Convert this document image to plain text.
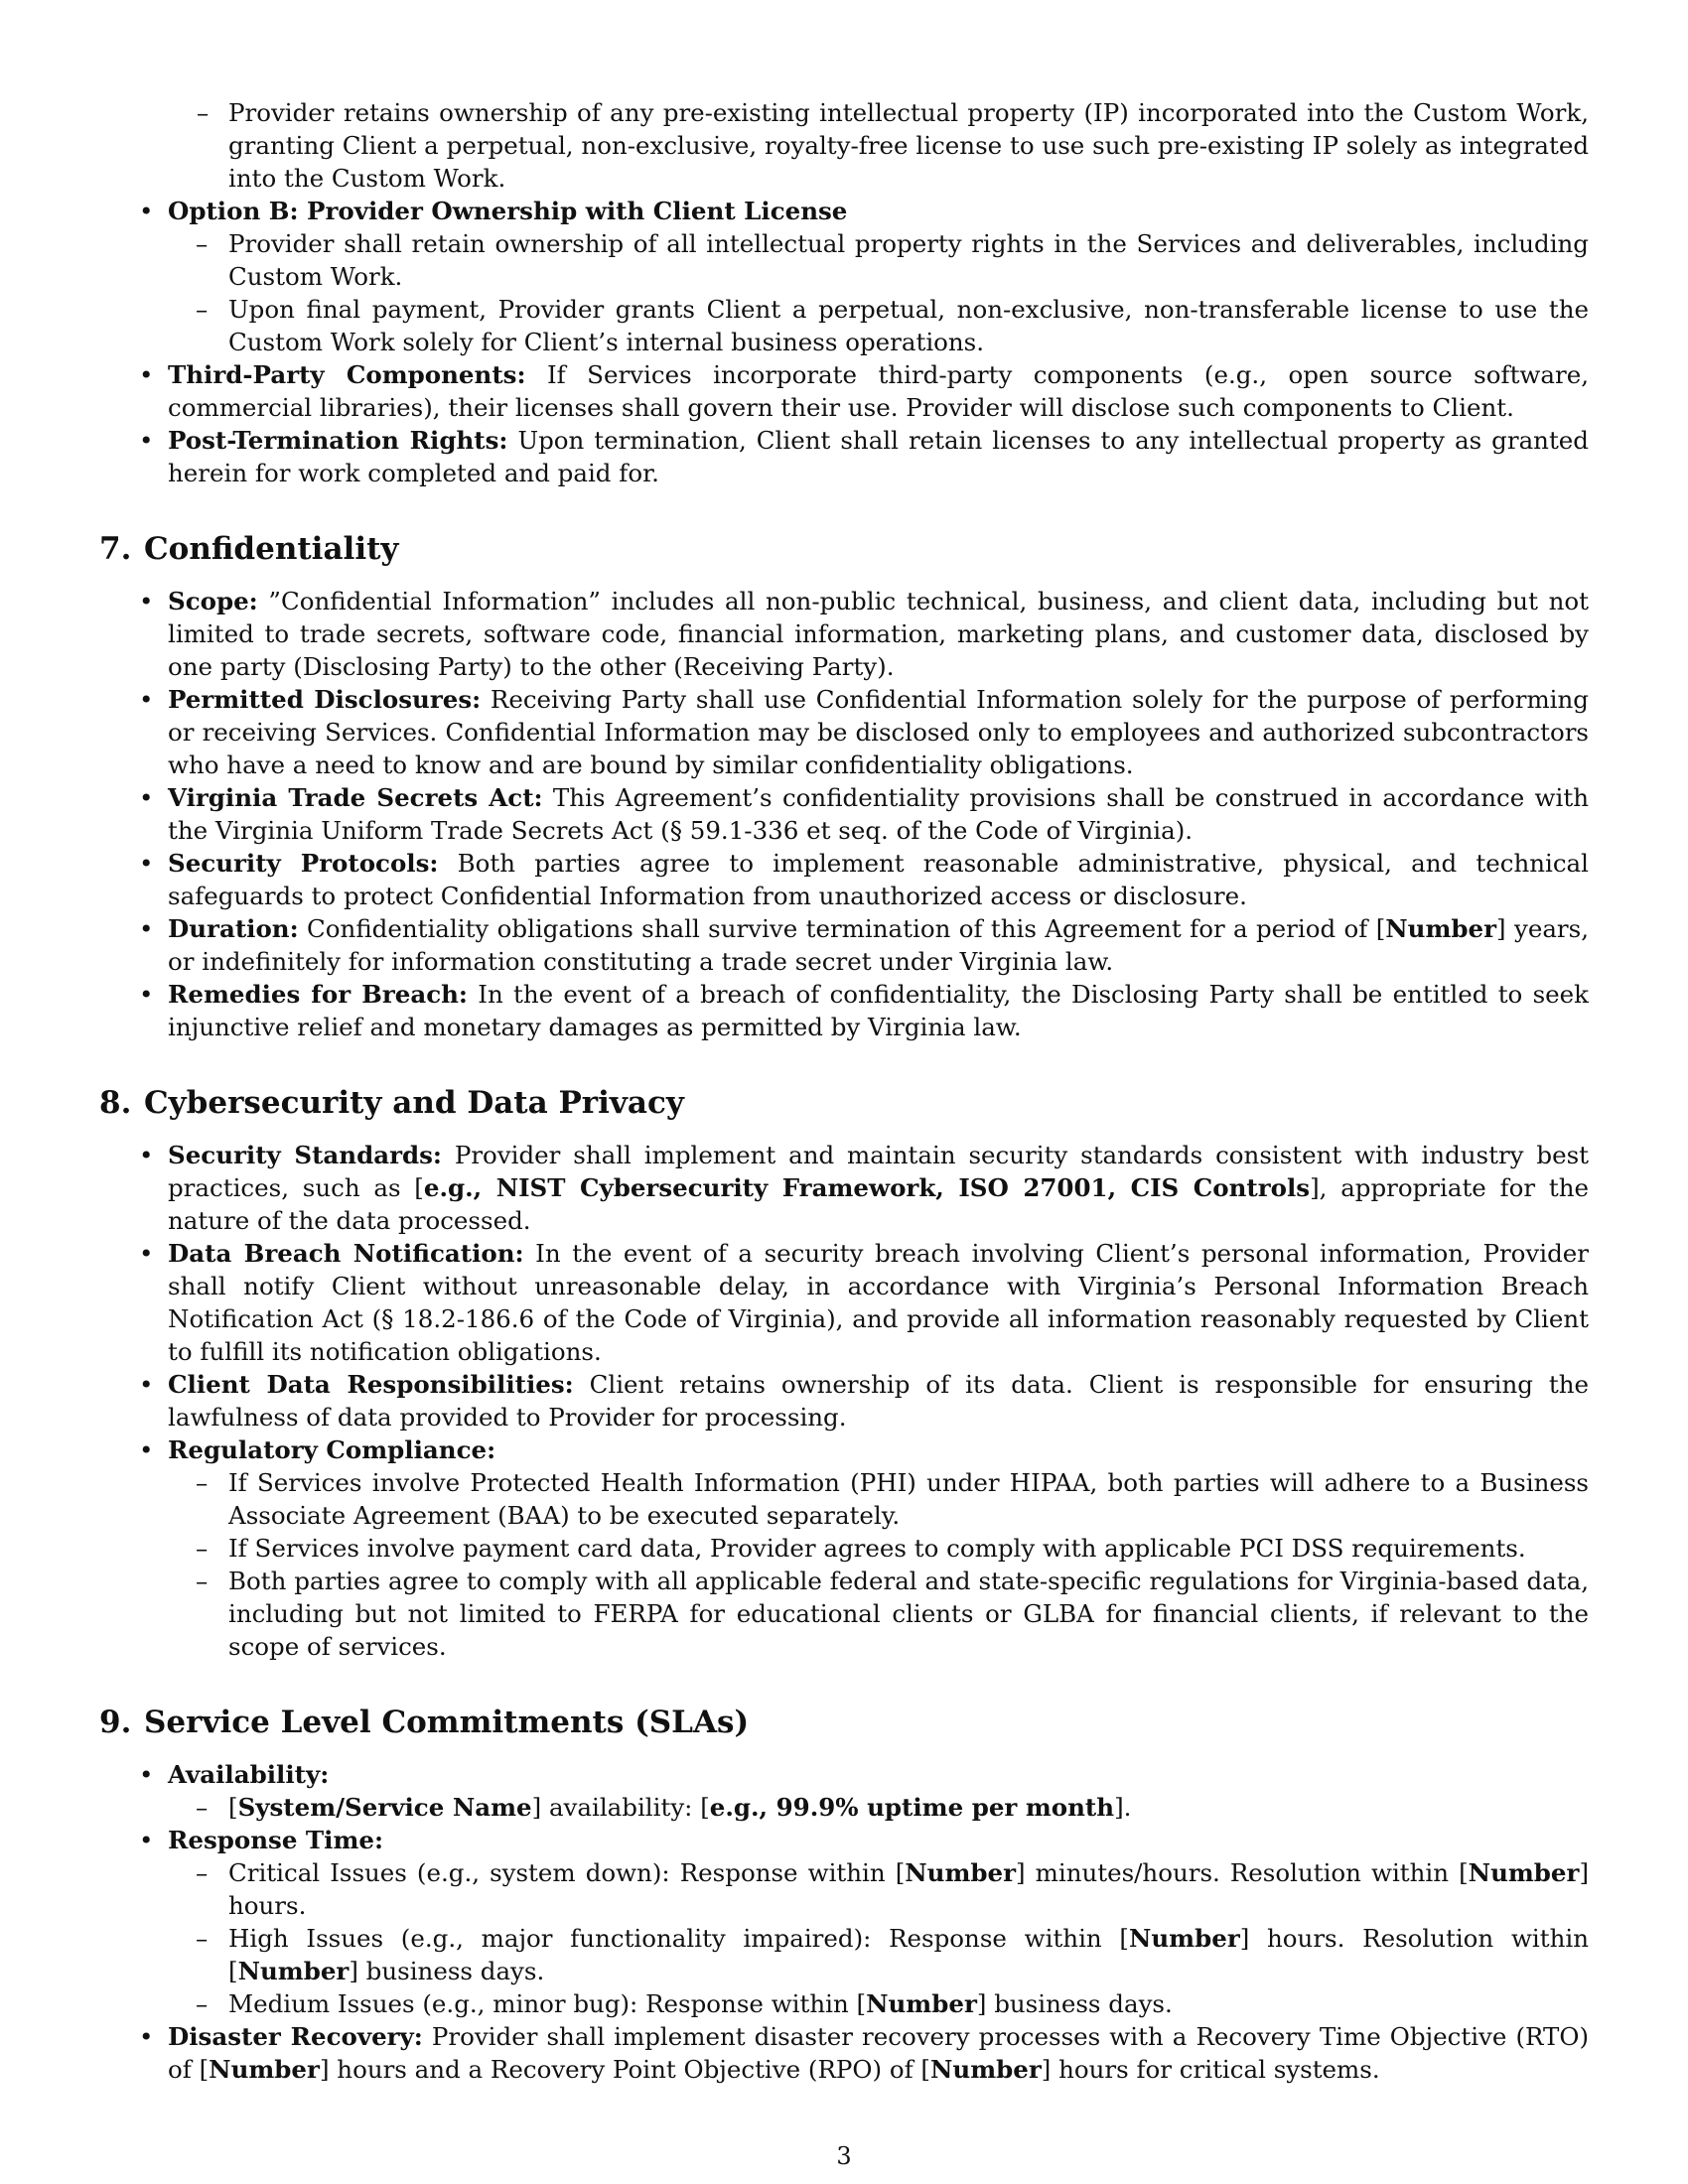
– Provider retains ownership of any pre-existing intellectual property (IP) incorporated into the Custom Work, granting Client a perpetual, non-exclusive, royalty-free license to use such pre-existing IP solely as integrated into the Custom Work.
• Option B: Provider Ownership with Client License
– Provider shall retain ownership of all intellectual property rights in the Services and deliverables, including Custom Work.
– Upon final payment, Provider grants Client a perpetual, non-exclusive, non-transferable license to use the Custom Work solely for Client’s internal business operations.
• Third-Party Components: If Services incorporate third-party components (e.g., open source software, commercial libraries), their licenses shall govern their use. Provider will disclose such components to Client.
• Post-Termination Rights: Upon termination, Client shall retain licenses to any intellectual property as granted herein for work completed and paid for.
7. Confidentiality
• Scope: ”Confidential Information” includes all non-public technical, business, and client data, including but not limited to trade secrets, software code, financial information, marketing plans, and customer data, disclosed by one party (Disclosing Party) to the other (Receiving Party).
• Permitted Disclosures: Receiving Party shall use Confidential Information solely for the purpose of performing or receiving Services. Confidential Information may be disclosed only to employees and authorized subcontractors who have a need to know and are bound by similar confidentiality obligations.
• Virginia Trade Secrets Act: This Agreement’s confidentiality provisions shall be construed in accordance with the Virginia Uniform Trade Secrets Act (§ 59.1-336 et seq. of the Code of Virginia).
• Security Protocols: Both parties agree to implement reasonable administrative, physical, and technical safeguards to protect Confidential Information from unauthorized access or disclosure.
• Duration: Confidentiality obligations shall survive termination of this Agreement for a period of [Number] years, or indefinitely for information constituting a trade secret under Virginia law.
• Remedies for Breach: In the event of a breach of confidentiality, the Disclosing Party shall be entitled to seek injunctive relief and monetary damages as permitted by Virginia law.
8. Cybersecurity and Data Privacy
• Security Standards: Provider shall implement and maintain security standards consistent with industry best practices, such as [e.g., NIST Cybersecurity Framework, ISO 27001, CIS Controls], appropriate for the nature of the data processed.
• Data Breach Notification: In the event of a security breach involving Client’s personal information, Provider shall notify Client without unreasonable delay, in accordance with Virginia’s Personal Information Breach Notification Act (§ 18.2-186.6 of the Code of Virginia), and provide all information reasonably requested by Client to fulfill its notification obligations.
• Client Data Responsibilities: Client retains ownership of its data. Client is responsible for ensuring the lawfulness of data provided to Provider for processing.
• Regulatory Compliance:
– If Services involve Protected Health Information (PHI) under HIPAA, both parties will adhere to a Business Associate Agreement (BAA) to be executed separately.
– If Services involve payment card data, Provider agrees to comply with applicable PCI DSS requirements.
– Both parties agree to comply with all applicable federal and state-specific regulations for Virginia-based data, including but not limited to FERPA for educational clients or GLBA for financial clients, if relevant to the scope of services.
9. Service Level Commitments (SLAs)
• Availability:
– [System/Service Name] availability: [e.g., 99.9% uptime per month].
• Response Time:
– Critical Issues (e.g., system down): Response within [Number] minutes/hours. Resolution within [Number] hours.
– High Issues (e.g., major functionality impaired): Response within [Number] hours. Resolution within [Number] business days.
– Medium Issues (e.g., minor bug): Response within [Number] business days.
• Disaster Recovery: Provider shall implement disaster recovery processes with a Recovery Time Objective (RTO) of [Number] hours and a Recovery Point Objective (RPO) of [Number] hours for critical systems.
3
